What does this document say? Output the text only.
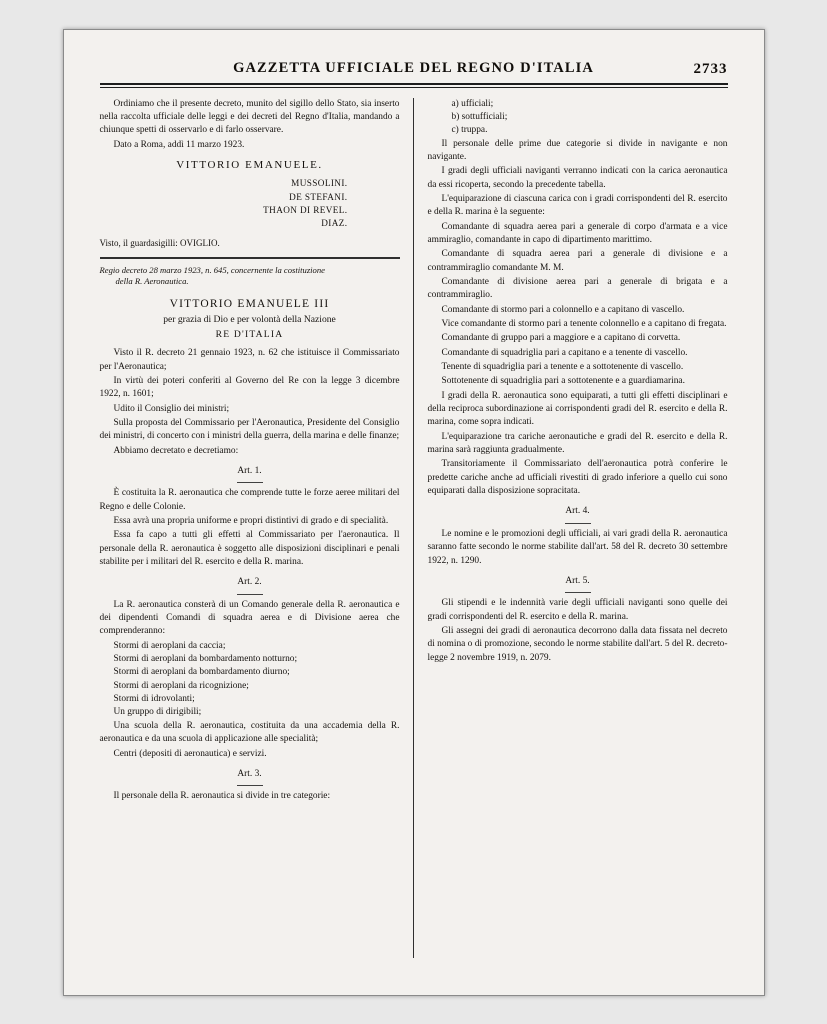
GAZZETTA UFFICIALE DEL REGNO D'ITALIA	2733

Ordiniamo che il presente decreto, munito del sigillo dello Stato, sia inserto nella raccolta ufficiale delle leggi e dei decreti del Regno d'Italia, mandando a chiunque spetti di osservarlo e di farlo osservare.

Dato a Roma, addì 11 marzo 1923.

VITTORIO EMANUELE.

MUSSOLINI.
DE STEFANI.
THAON DI REVEL.
DIAZ.

Visto, il guardasigilli: OVIGLIO.

Regio decreto 28 marzo 1923, n. 645, concernente la costituzione
della R. Aeronautica.

VITTORIO EMANUELE III

per grazia di Dio e per volontà della Nazione

RE D'ITALIA

Visto il R. decreto 21 gennaio 1923, n. 62 che istituisce il Commissariato per l'Aeronautica;

In virtù dei poteri conferiti al Governo del Re con la legge 3 dicembre 1922, n. 1601;

Udito il Consiglio dei ministri;

Sulla proposta del Commissario per l'Aeronautica, Presidente del Consiglio dei ministri, di concerto con i ministri della guerra, della marina e delle finanze;

Abbiamo decretato e decretiamo:

Art. 1.

È costituita la R. aeronautica che comprende tutte le forze aeree militari del Regno e delle Colonie.

Essa avrà una propria uniforme e propri distintivi di grado e di specialità.

Essa fa capo a tutti gli effetti al Commissariato per l'aeronautica. Il personale della R. aeronautica è soggetto alle disposizioni disciplinari e penali stabilite per i militari del R. esercito e della R. marina.

Art. 2.

La R. aeronautica consterà di un Comando generale della R. aeronautica e dei dipendenti Comandi di squadra aerea e di Divisione aerea che comprenderanno:

Stormi di aeroplani da caccia;

Stormi di aeroplani da bombardamento notturno;

Stormi di aeroplani da bombardamento diurno;

Stormi di aeroplani da ricognizione;

Stormi di idrovolanti;

Un gruppo di dirigibili;

Una scuola della R. aeronautica, costituita da una accademia della R. aeronautica e da una scuola di applicazione alle specialità;

Centri (depositi di aeronautica) e servizi.

Art. 3.

Il personale della R. aeronautica si divide in tre categorie:

a) ufficiali;

b) sottufficiali;

c) truppa.

Il personale delle prime due categorie si divide in navigante e non navigante.

I gradi degli ufficiali naviganti verranno indicati con la carica aeronautica da essi ricoperta, secondo la precedente tabella.

L'equiparazione di ciascuna carica con i gradi corrispondenti del R. esercito e della R. marina è la seguente:

Comandante di squadra aerea pari a generale di corpo d'armata e a vice ammiraglio, comandante in capo di dipartimento marittimo.

Comandante di squadra aerea pari a generale di divisione e a contrammiraglio comandante M. M.

Comandante di divisione aerea pari a generale di brigata e a contrammiraglio.

Comandante di stormo pari a colonnello e a capitano di vascello.

Vice comandante di stormo pari a tenente colonnello e a capitano di fregata.

Comandante di gruppo pari a maggiore e a capitano di corvetta.

Comandante di squadriglia pari a capitano e a tenente di vascello.

Tenente di squadriglia pari a tenente e a sottotenente di vascello.

Sottotenente di squadriglia pari a sottotenente e a guardiamarina.

I gradi della R. aeronautica sono equiparati, a tutti gli effetti disciplinari e della reciproca subordinazione ai corrispondenti gradi del R. esercito e della R. marina, come sopra indicati.

L'equiparazione tra cariche aeronautiche e gradi del R. esercito e della R. marina sarà raggiunta gradualmente.

Transitoriamente il Commissariato dell'aeronautica potrà conferire le predette cariche anche ad ufficiali rivestiti di grado inferiore a quello cui sono equiparati dalla disposizione sopracitata.

Art. 4.

Le nomine e le promozioni degli ufficiali, ai vari gradi della R. aeronautica saranno fatte secondo le norme stabilite dall'art. 58 del R. decreto 30 settembre 1922, n. 1290.

Art. 5.

Gli stipendi e le indennità varie degli ufficiali naviganti sono quelle dei gradi corrispondenti del R. esercito e della R. marina.

Gli assegni dei gradi di aeronautica decorrono dalla data fissata nel decreto di nomina o di promozione, secondo le norme stabilite dall'art. 5 del R. decreto-legge 2 novembre 1919, n. 2079.
